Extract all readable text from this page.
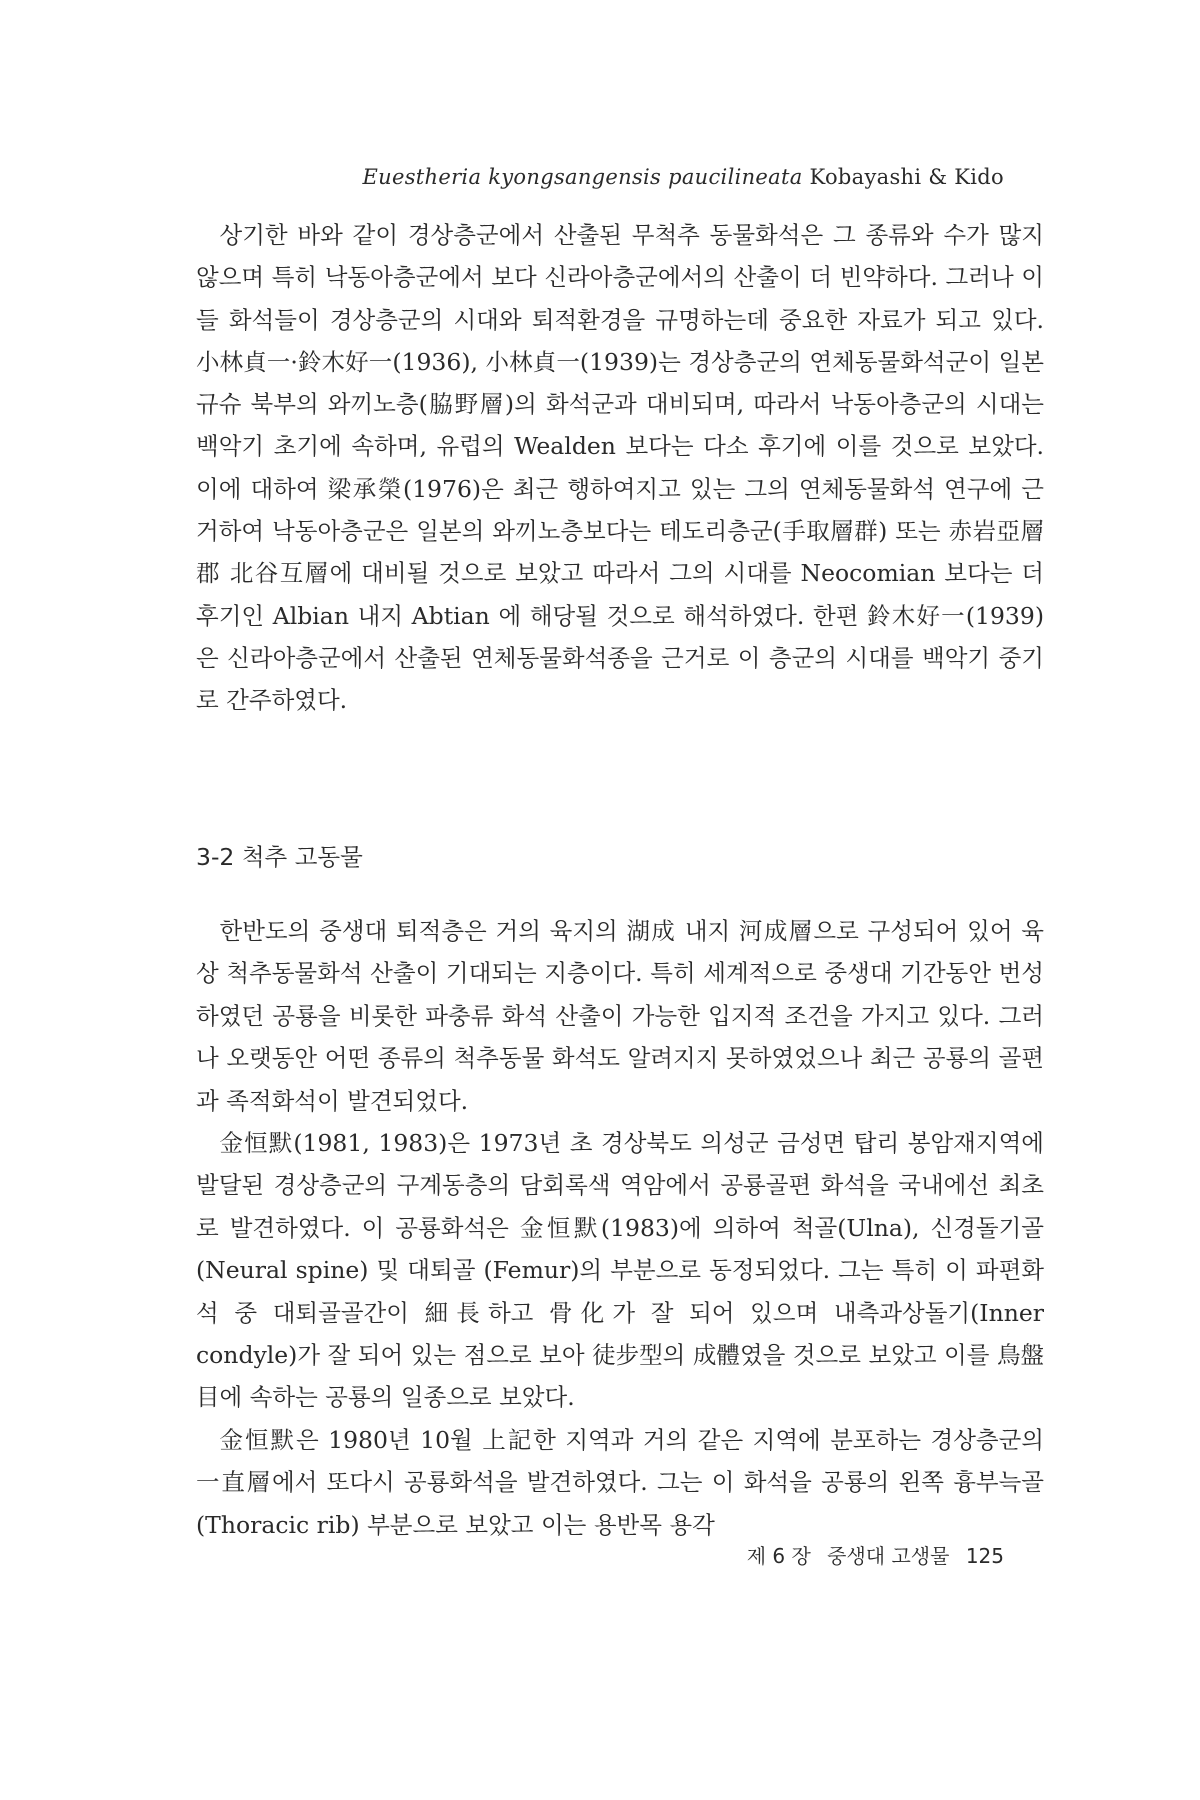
Euestheria kyongsangensis paucilineata Kobayashi & Kido

상기한 바와 같이 경상층군에서 산출된 무척추 동물화석은 그 종류와 수가 많지 않으며 특히 낙동아층군에서 보다 신라아층군에서의 산출이 더 빈약하다. 그러나 이들 화석들이 경상층군의 시대와 퇴적환경을 규명하는데 중요한 자료가 되고 있다. 小林貞一·鈴木好一(1936), 小林貞一(1939)는 경상층군의 연체동물화석군이 일본 규슈 북부의 와끼노층(脇野層)의 화석군과 대비되며, 따라서 낙동아층군의 시대는 백악기 초기에 속하며, 유럽의 Wealden 보다는 다소 후기에 이를 것으로 보았다. 이에 대하여 梁承榮(1976)은 최근 행하여지고 있는 그의 연체동물화석 연구에 근거하여 낙동아층군은 일본의 와끼노층보다는 테도리층군(手取層群) 또는 赤岩亞層郡 北谷互層에 대비될 것으로 보았고 따라서 그의 시대를 Neocomian 보다는 더 후기인 Albian 내지 Abtian 에 해당될 것으로 해석하였다. 한편 鈴木好一(1939)은 신라아층군에서 산출된 연체동물화석종을 근거로 이 층군의 시대를 백악기 중기로 간주하였다.

3-2 척추 고동물

한반도의 중생대 퇴적층은 거의 육지의 湖成 내지 河成層으로 구성되어 있어 육상 척추동물화석 산출이 기대되는 지층이다. 특히 세계적으로 중생대 기간동안 번성하였던 공룡을 비롯한 파충류 화석 산출이 가능한 입지적 조건을 가지고 있다. 그러나 오랫동안 어떤 종류의 척추동물 화석도 알려지지 못하였었으나 최근 공룡의 골편과 족적화석이 발견되었다.

金恒默(1981, 1983)은 1973년 초 경상북도 의성군 금성면 탑리 봉암재지역에 발달된 경상층군의 구계동층의 담회록색 역암에서 공룡골편 화석을 국내에선 최초로 발견하였다. 이 공룡화석은 金恒默(1983)에 의하여 척골(Ulna), 신경돌기골(Neural spine) 및 대퇴골 (Femur)의 부분으로 동정되었다. 그는 특히 이 파편화석 중 대퇴골골간이 細長하고 骨化가 잘 되어 있으며 내측과상돌기(Inner condyle)가 잘 되어 있는 점으로 보아 徒步型의 成體였을 것으로 보았고 이를 鳥盤目에 속하는 공룡의 일종으로 보았다.

金恒默은 1980년 10월 上記한 지역과 거의 같은 지역에 분포하는 경상층군의 一直層에서 또다시 공룡화석을 발견하였다. 그는 이 화석을 공룡의 왼쪽 흉부늑골(Thoracic rib) 부분으로 보았고 이는 용반목 용각

제 6 장 중생대 고생물 125
